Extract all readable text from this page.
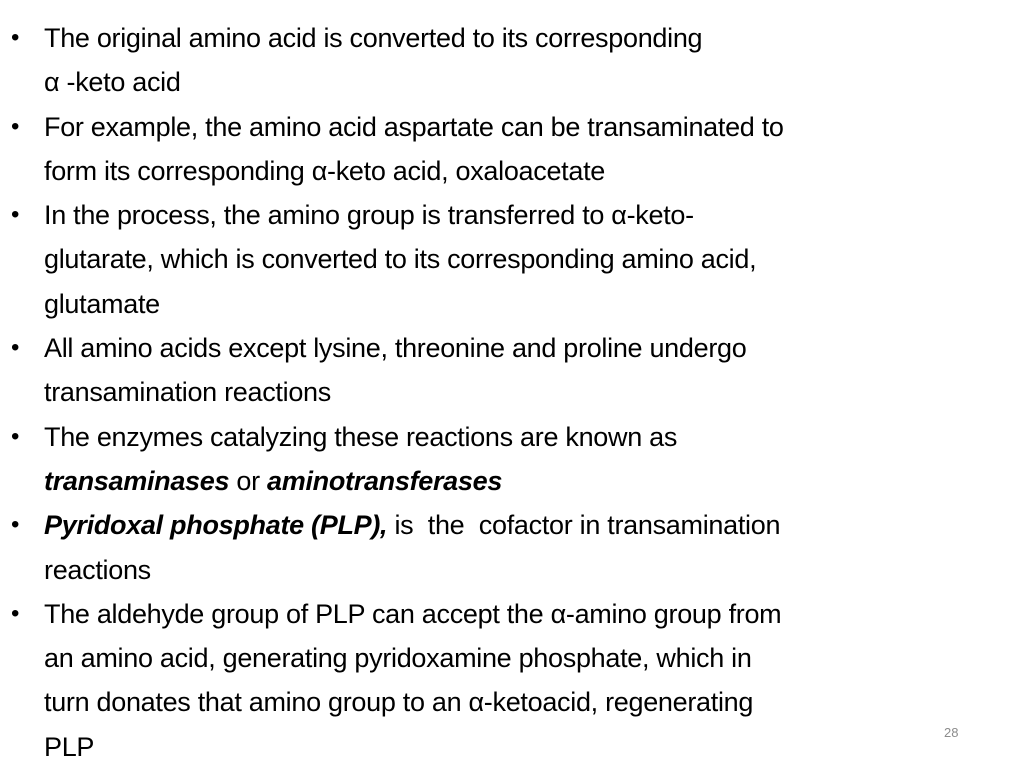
• The original amino acid is converted to its corresponding
α -keto acid
• For example, the amino acid aspartate can be transaminated to
form its corresponding α-keto acid, oxaloacetate
• In the process, the amino group is transferred to α-keto-
glutarate, which is converted to its corresponding amino acid,
glutamate
• All amino acids except lysine, threonine and proline undergo
transamination reactions
• The enzymes catalyzing these reactions are known as
transaminases or aminotransferases
• Pyridoxal phosphate (PLP), is  the  cofactor in transamination
reactions
• The aldehyde group of PLP can accept the α-amino group from
an amino acid, generating pyridoxamine phosphate, which in
turn donates that amino group to an α-ketoacid, regenerating
PLP	28
